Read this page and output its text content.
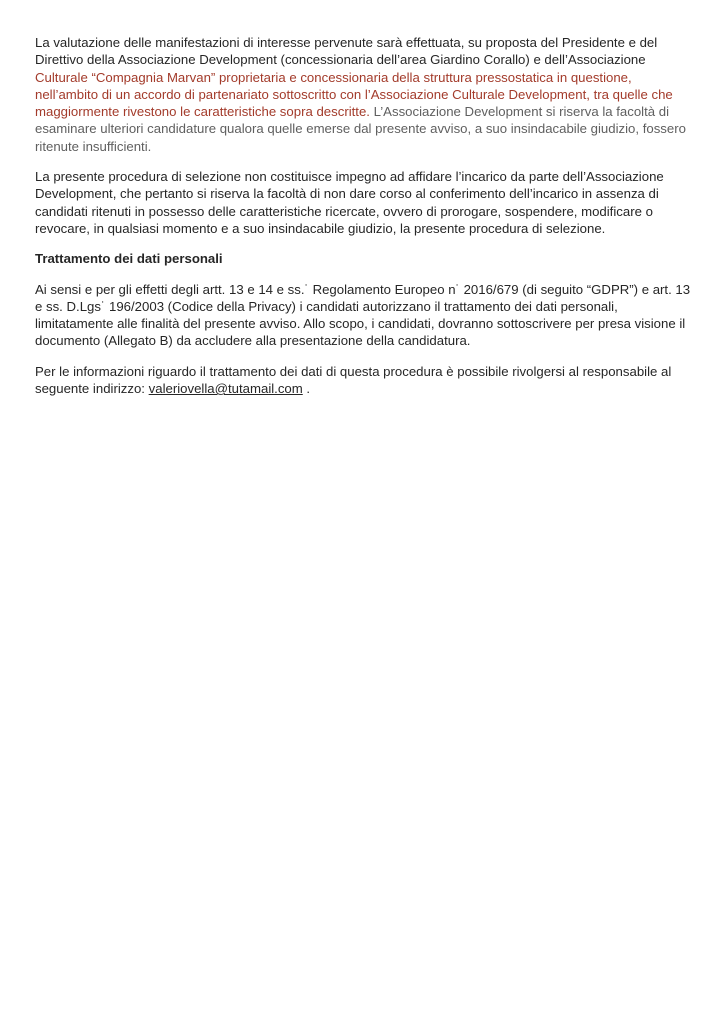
La valutazione delle manifestazioni di interesse pervenute sarà effettuata, su proposta del Presidente e del Direttivo della Associazione Development (concessionaria dell’area Giardino Corallo) e dell’Associazione Culturale “Compagnia Marvan” proprietaria e concessionaria della struttura pressostatica in questione, nell’ambito di un accordo di partenariato sottoscritto con l’Associazione Culturale Development, tra quelle che maggiormente rivestono le caratteristiche sopra descritte. L’Associazione Development si riserva la facoltà di esaminare ulteriori candidature qualora quelle emerse dal presente avviso, a suo insindacabile giudizio, fossero ritenute insufficienti.

La presente procedura di selezione non costituisce impegno ad affidare l’incarico da parte dell’Associazione Development, che pertanto si riserva la facoltà di non dare corso al conferimento dell’incarico in assenza di candidati ritenuti in possesso delle caratteristiche ricercate, ovvero di prorogare, sospendere, modificare o revocare, in qualsiasi momento e a suo insindacabile giudizio, la presente procedura di selezione.

Trattamento dei dati personali

Ai sensi e per gli effetti degli artt. 13 e 14 e ss.˙ Regolamento Europeo n˙ 2016/679 (di seguito “GDPR”) e art. 13 e ss. D.Lgs˙ 196/2003 (Codice della Privacy) i candidati autorizzano il trattamento dei dati personali, limitatamente alle finalità del presente avviso. Allo scopo, i candidati, dovranno sottoscrivere per presa visione il documento (Allegato B) da accludere alla presentazione della candidatura.

Per le informazioni riguardo il trattamento dei dati di questa procedura è possibile rivolgersi al responsabile al seguente indirizzo: valeriovella@tutamail.com .
